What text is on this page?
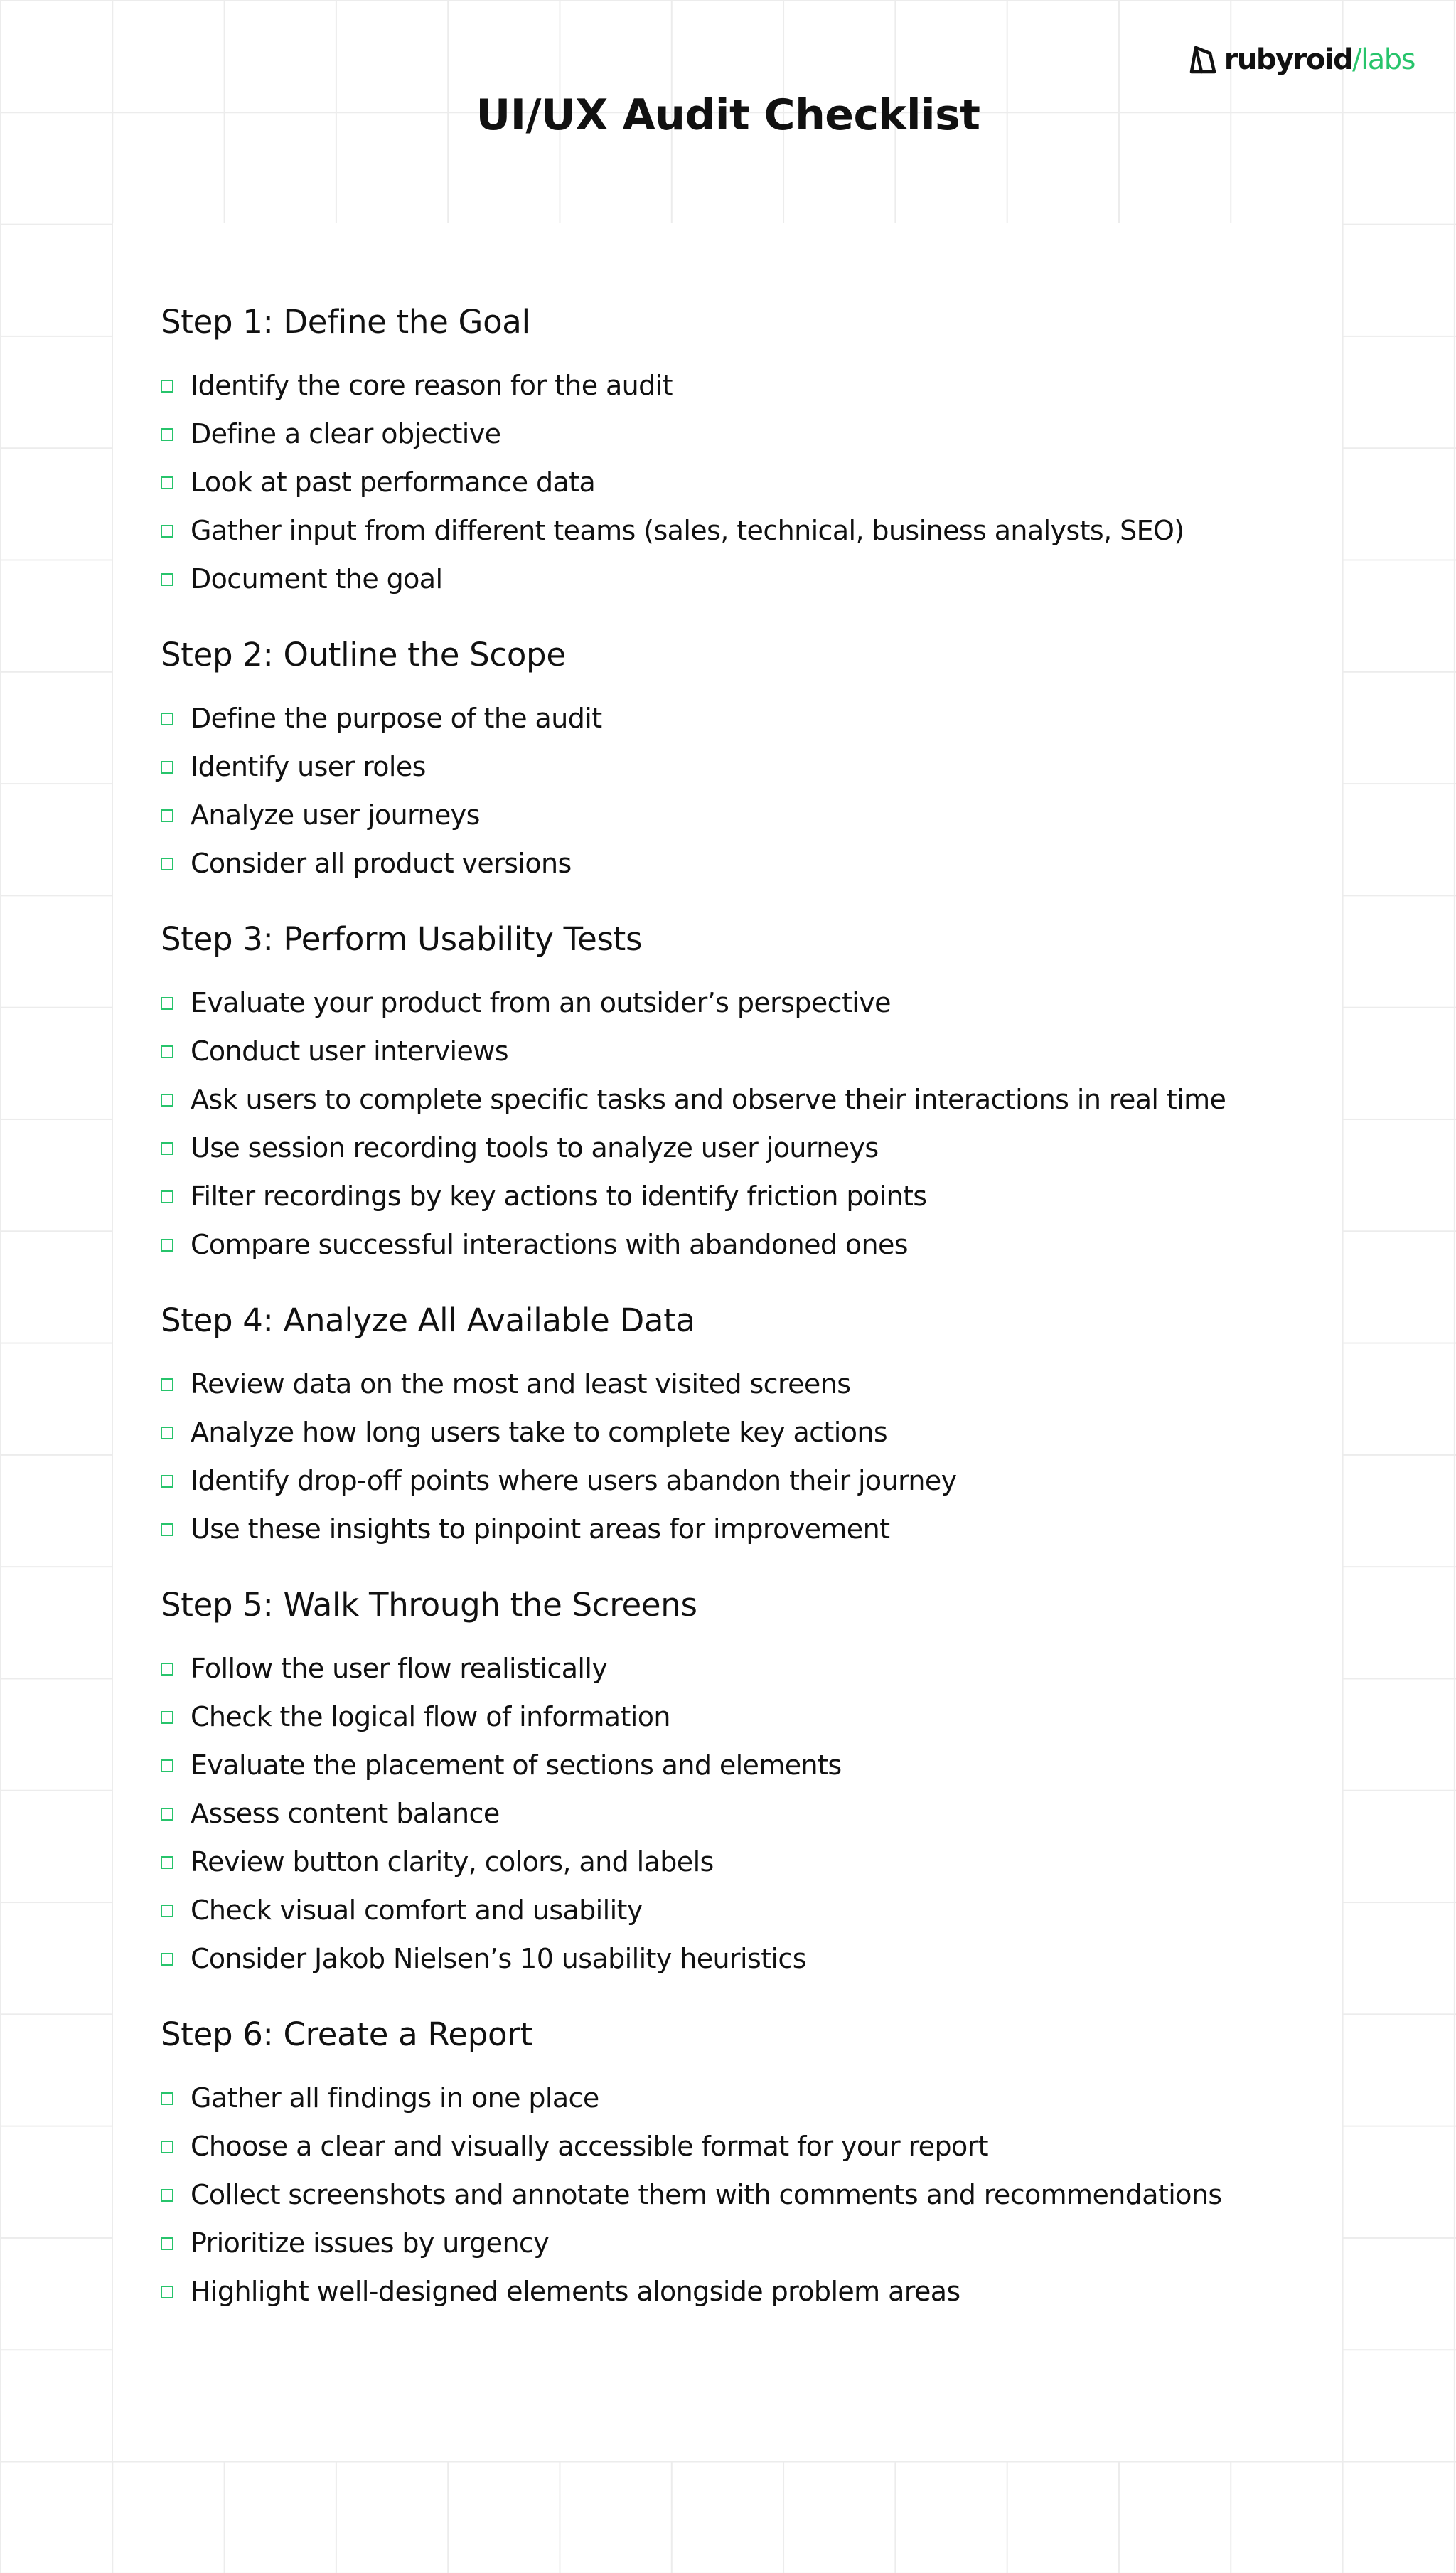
rubyroid/labs
UI/UX Audit Checklist
Step 1: Define the Goal
Identify the core reason for the audit
Define a clear objective
Look at past performance data
Gather input from different teams (sales, technical, business analysts, SEO)
Document the goal
Step 2: Outline the Scope
Define the purpose of the audit
Identify user roles
Analyze user journeys
Consider all product versions
Step 3: Perform Usability Tests
Evaluate your product from an outsider’s perspective
Conduct user interviews
Ask users to complete specific tasks and observe their interactions in real time
Use session recording tools to analyze user journeys
Filter recordings by key actions to identify friction points
Compare successful interactions with abandoned ones
Step 4: Analyze All Available Data
Review data on the most and least visited screens
Analyze how long users take to complete key actions
Identify drop-off points where users abandon their journey
Use these insights to pinpoint areas for improvement
Step 5: Walk Through the Screens
Follow the user flow realistically
Check the logical flow of information
Evaluate the placement of sections and elements
Assess content balance
Review button clarity, colors, and labels
Check visual comfort and usability
Consider Jakob Nielsen’s 10 usability heuristics
Step 6: Create a Report
Gather all findings in one place
Choose a clear and visually accessible format for your report
Collect screenshots and annotate them with comments and recommendations
Prioritize issues by urgency
Highlight well-designed elements alongside problem areas
